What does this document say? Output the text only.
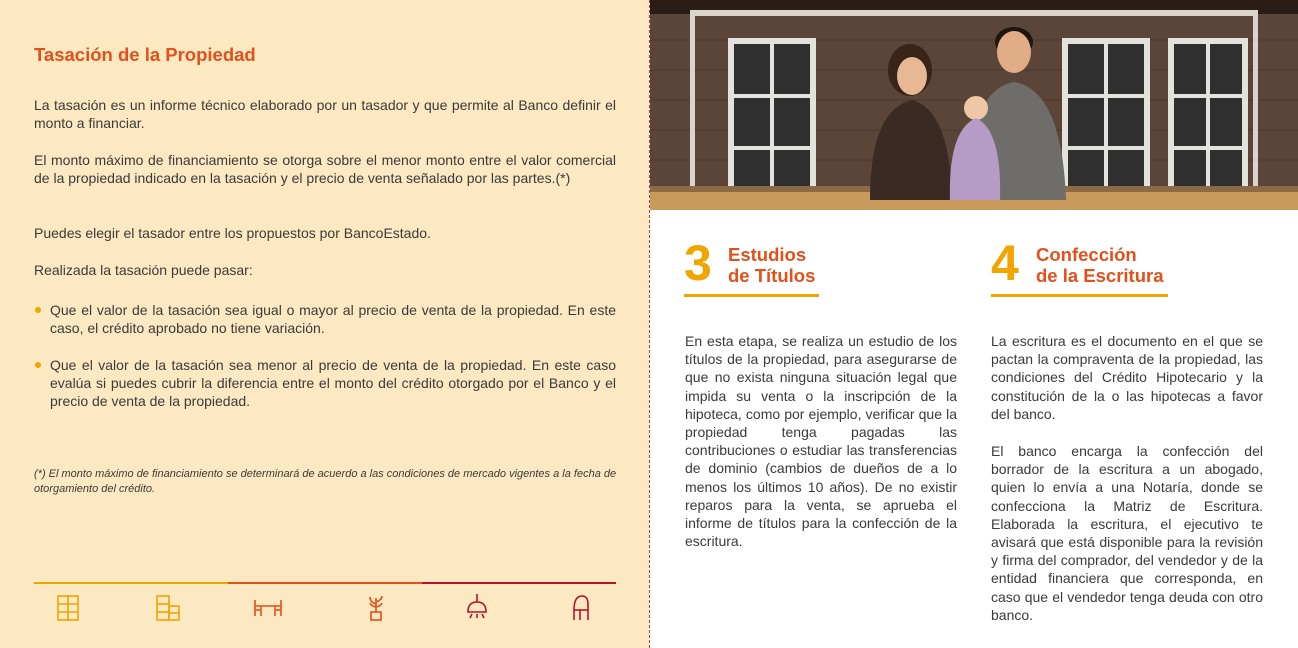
Tasación de la Propiedad

La tasación es un informe técnico elaborado por un tasador y que permite al Banco definir el monto a financiar.

El monto máximo de financiamiento se otorga sobre el menor monto entre el valor comercial de la propiedad indicado en la tasación y el precio de venta señalado por las partes.(*)

Puedes elegir el tasador entre los propuestos por BancoEstado.

Realizada la tasación puede pasar:

Que el valor de la tasación sea igual o mayor al precio de venta de la propiedad. En este caso, el crédito aprobado no tiene variación.
Que el valor de la tasación sea menor al precio de venta de la propiedad. En este caso evalúa si puedes cubrir la diferencia entre el monto del crédito otorgado por el Banco y el precio de venta de la propiedad.
(*) El monto máximo de financiamiento se determinará de acuerdo a las condiciones de mercado vigentes a la fecha de otorgamiento del crédito.
3 Estudios
de Títulos

En esta etapa, se realiza un estudio de los títulos de la propiedad, para asegurarse de que no exista ninguna situación legal que impida su venta o la inscripción de la hipoteca, como por ejemplo, verificar que la propiedad tenga pagadas las contribuciones o estudiar las transferencias de dominio (cambios de dueños de a lo menos los últimos 10 años). De no existir reparos para la venta, se aprueba el informe de títulos para la confección de la escritura.

4 Confección
de la Escritura

La escritura es el documento en el que se pactan la compraventa de la propiedad, las condiciones del Crédito Hipotecario y la constitución de la o las hipotecas a favor del banco.

El banco encarga la confección del borrador de la escritura a un abogado, quien lo envía a una Notaría, donde se confecciona la Matriz de Escritura. Elaborada la escritura, el ejecutivo te avisará que está disponible para la revisión y firma del comprador, del vendedor y de la entidad financiera que corresponda, en caso que el vendedor tenga deuda con otro banco.
